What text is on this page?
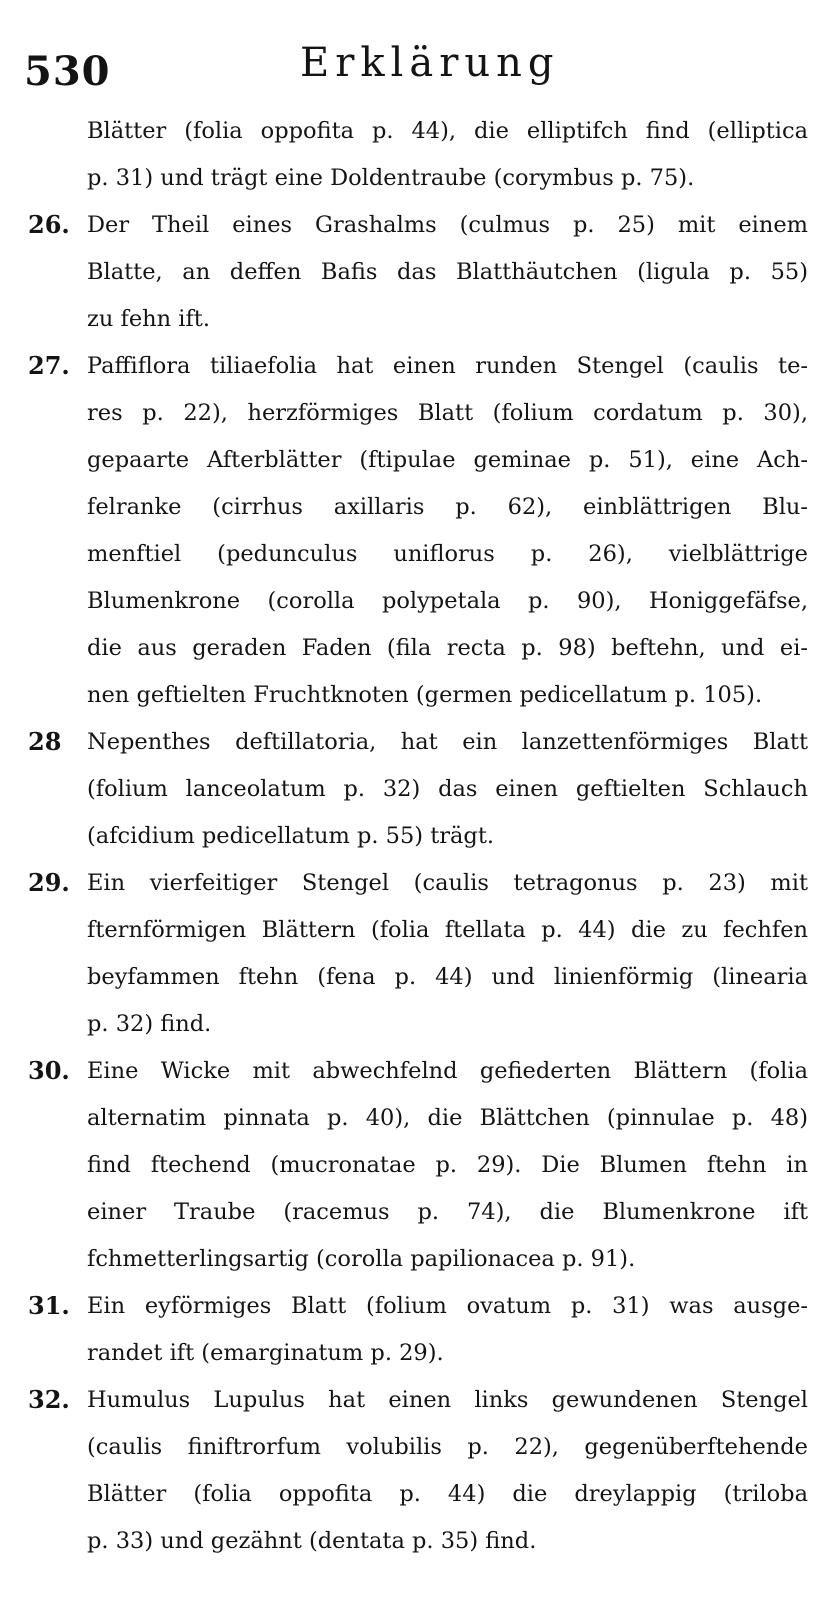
530	Erklärung
Blätter (folia oppofita p. 44), die elliptifch find (elliptica
p. 31) und trägt eine Doldentraube (corymbus p. 75).
26. Der Theil eines Grashalms (culmus p. 25) mit einem
Blatte, an deffen Bafis das Blatthäutchen (ligula p. 55)
zu fehn ift.
27. Paffiflora tiliaefolia hat einen runden Stengel (caulis te-
res p. 22), herzförmiges Blatt (folium cordatum p. 30),
gepaarte Afterblätter (ftipulae geminae p. 51), eine Ach-
felranke (cirrhus axillaris p. 62), einblättrigen Blu-
menftiel (pedunculus uniflorus p. 26), vielblättrige
Blumenkrone (corolla polypetala p. 90), Honiggefäfse,
die aus geraden Faden (fila recta p. 98) beftehn, und ei-
nen geftielten Fruchtknoten (germen pedicellatum p. 105).
28 Nepenthes deftillatoria, hat ein lanzettenförmiges Blatt
(folium lanceolatum p. 32) das einen geftielten Schlauch
(afcidium pedicellatum p. 55) trägt.
29. Ein vierfeitiger Stengel (caulis tetragonus p. 23) mit
fternförmigen Blättern (folia ftellata p. 44) die zu fechfen
beyfammen ftehn (fena p. 44) und linienförmig (linearia
p. 32) find.
30. Eine Wicke mit abwechfelnd gefiederten Blättern (folia
alternatim pinnata p. 40), die Blättchen (pinnulae p. 48)
find ftechend (mucronatae p. 29). Die Blumen ftehn in
einer Traube (racemus p. 74), die Blumenkrone ift
fchmetterlingsartig (corolla papilionacea p. 91).
31. Ein eyförmiges Blatt (folium ovatum p. 31) was ausge-
randet ift (emarginatum p. 29).
32. Humulus Lupulus hat einen links gewundenen Stengel
(caulis finiftrorfum volubilis p. 22), gegenüberftehende
Blätter (folia oppofita p. 44) die dreylappig (triloba
p. 33) und gezähnt (dentata p. 35) find.
